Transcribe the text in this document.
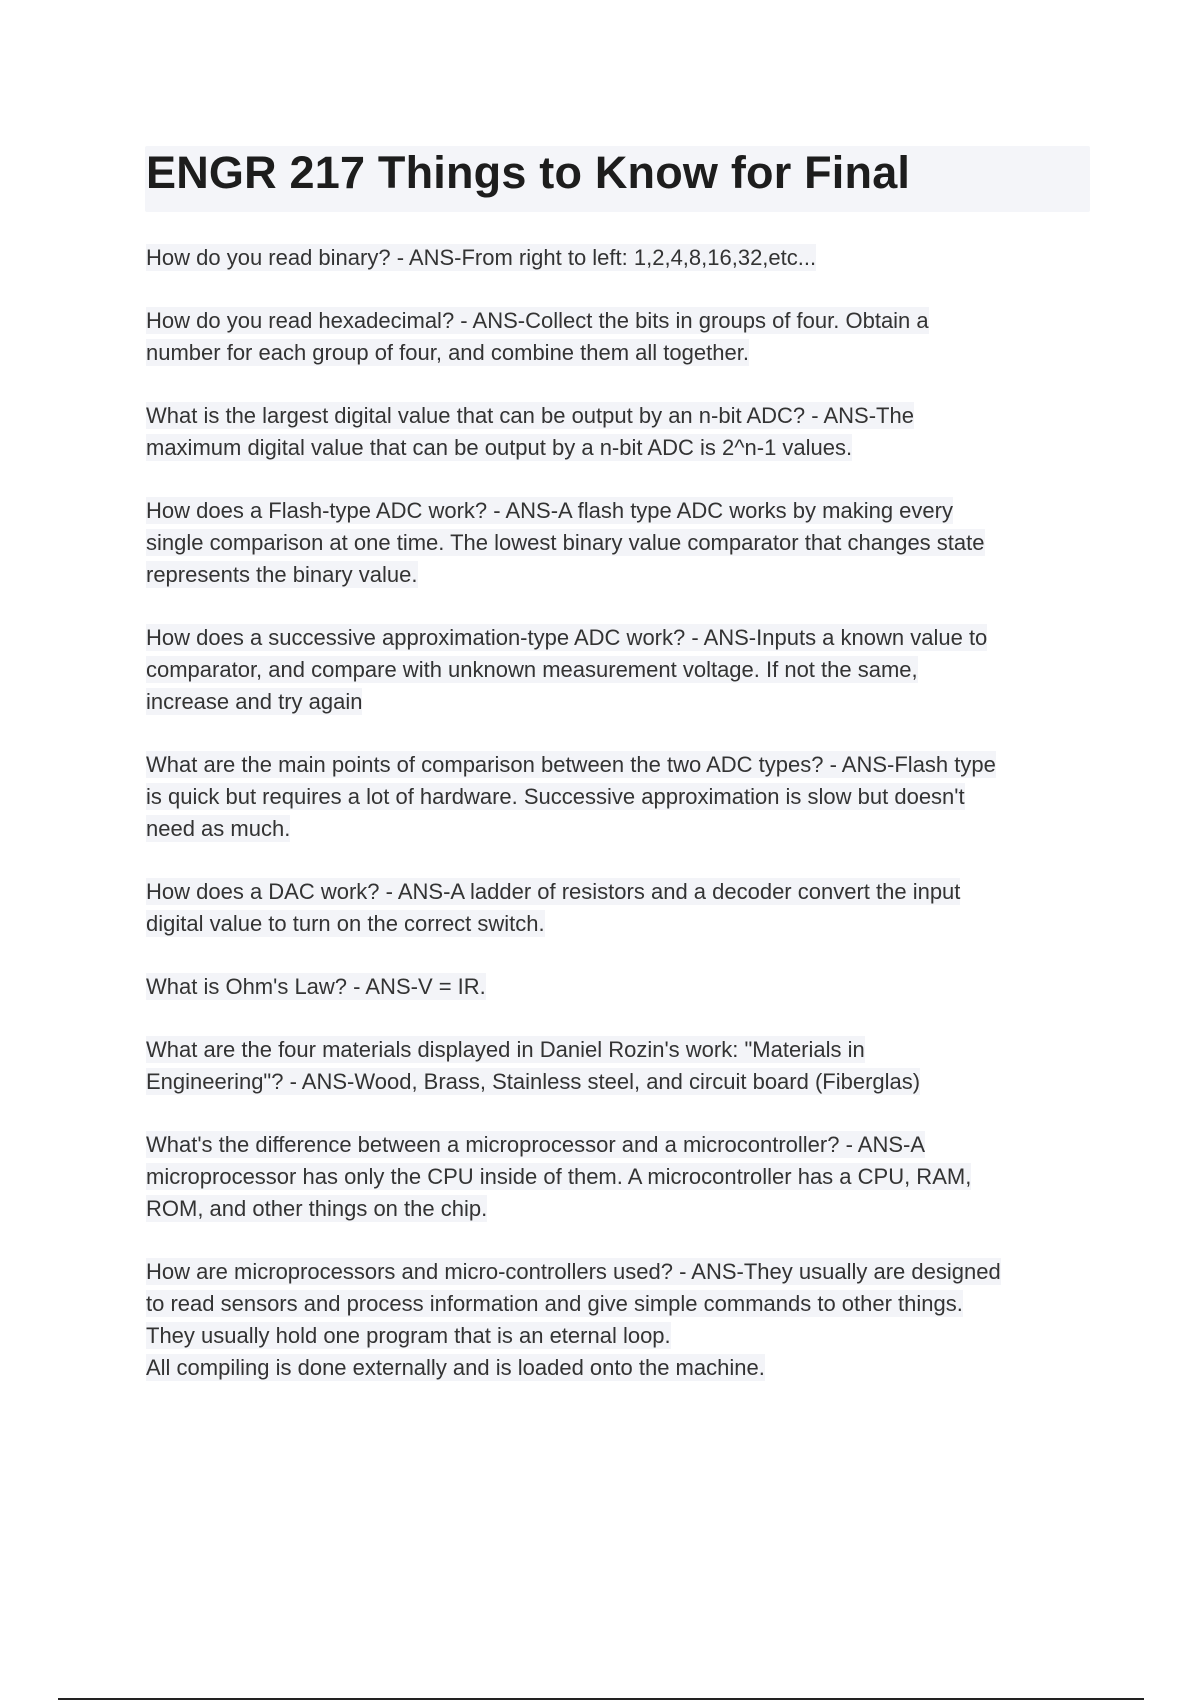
ENGR 217 Things to Know for Final

How do you read binary? - ANS-From right to left: 1,2,4,8,16,32,etc...

How do you read hexadecimal? - ANS-Collect the bits in groups of four. Obtain a
number for each group of four, and combine them all together.

What is the largest digital value that can be output by an n-bit ADC? - ANS-The
maximum digital value that can be output by a n-bit ADC is 2^n-1 values.

How does a Flash-type ADC work? - ANS-A flash type ADC works by making every
single comparison at one time. The lowest binary value comparator that changes state
represents the binary value.

How does a successive approximation-type ADC work? - ANS-Inputs a known value to
comparator, and compare with unknown measurement voltage. If not the same,
increase and try again

What are the main points of comparison between the two ADC types? - ANS-Flash type
is quick but requires a lot of hardware. Successive approximation is slow but doesn't
need as much.

How does a DAC work? - ANS-A ladder of resistors and a decoder convert the input
digital value to turn on the correct switch.

What is Ohm's Law? - ANS-V = IR.

What are the four materials displayed in Daniel Rozin's work: "Materials in
Engineering"? - ANS-Wood, Brass, Stainless steel, and circuit board (Fiberglas)

What's the difference between a microprocessor and a microcontroller? - ANS-A
microprocessor has only the CPU inside of them. A microcontroller has a CPU, RAM,
ROM, and other things on the chip.

How are microprocessors and micro-controllers used? - ANS-They usually are designed
to read sensors and process information and give simple commands to other things.
They usually hold one program that is an eternal loop.
All compiling is done externally and is loaded onto the machine.
